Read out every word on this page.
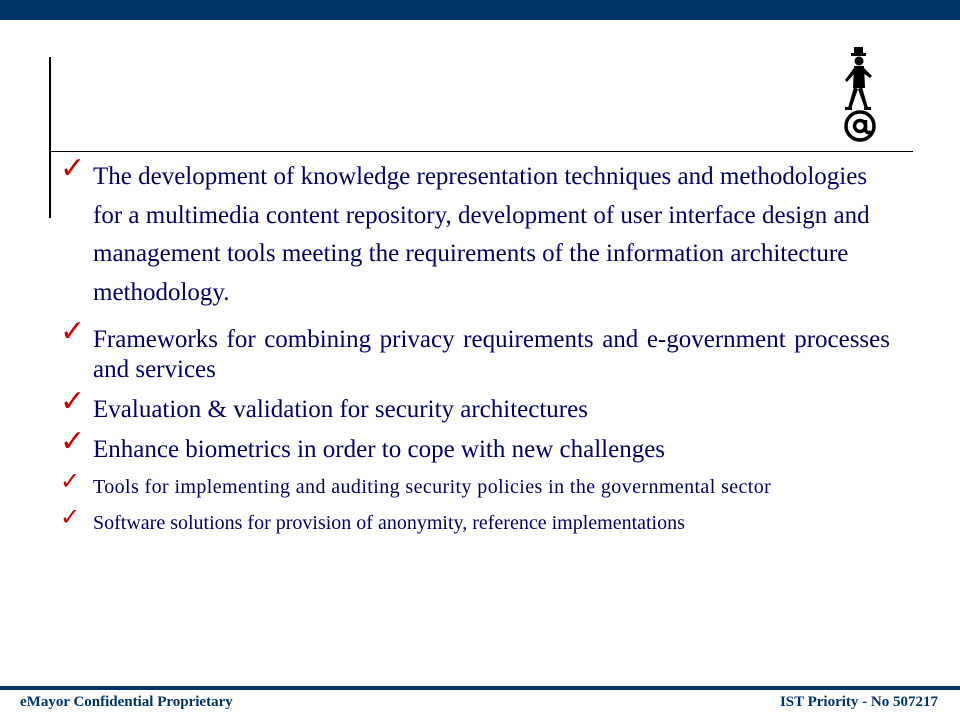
✓ The development of knowledge representation techniques and methodologies for a multimedia content repository, development of user interface design and management tools meeting the requirements of the information architecture methodology.
✓ Frameworks for combining privacy requirements and e-government processes and services
✓ Evaluation & validation for security architectures
✓ Enhance biometrics in order to cope with new challenges
✓ Tools for implementing and auditing security policies in the governmental sector
✓ Software solutions for provision of anonymity, reference implementations
eMayor Confidential Proprietary	IST Priority - No 507217
